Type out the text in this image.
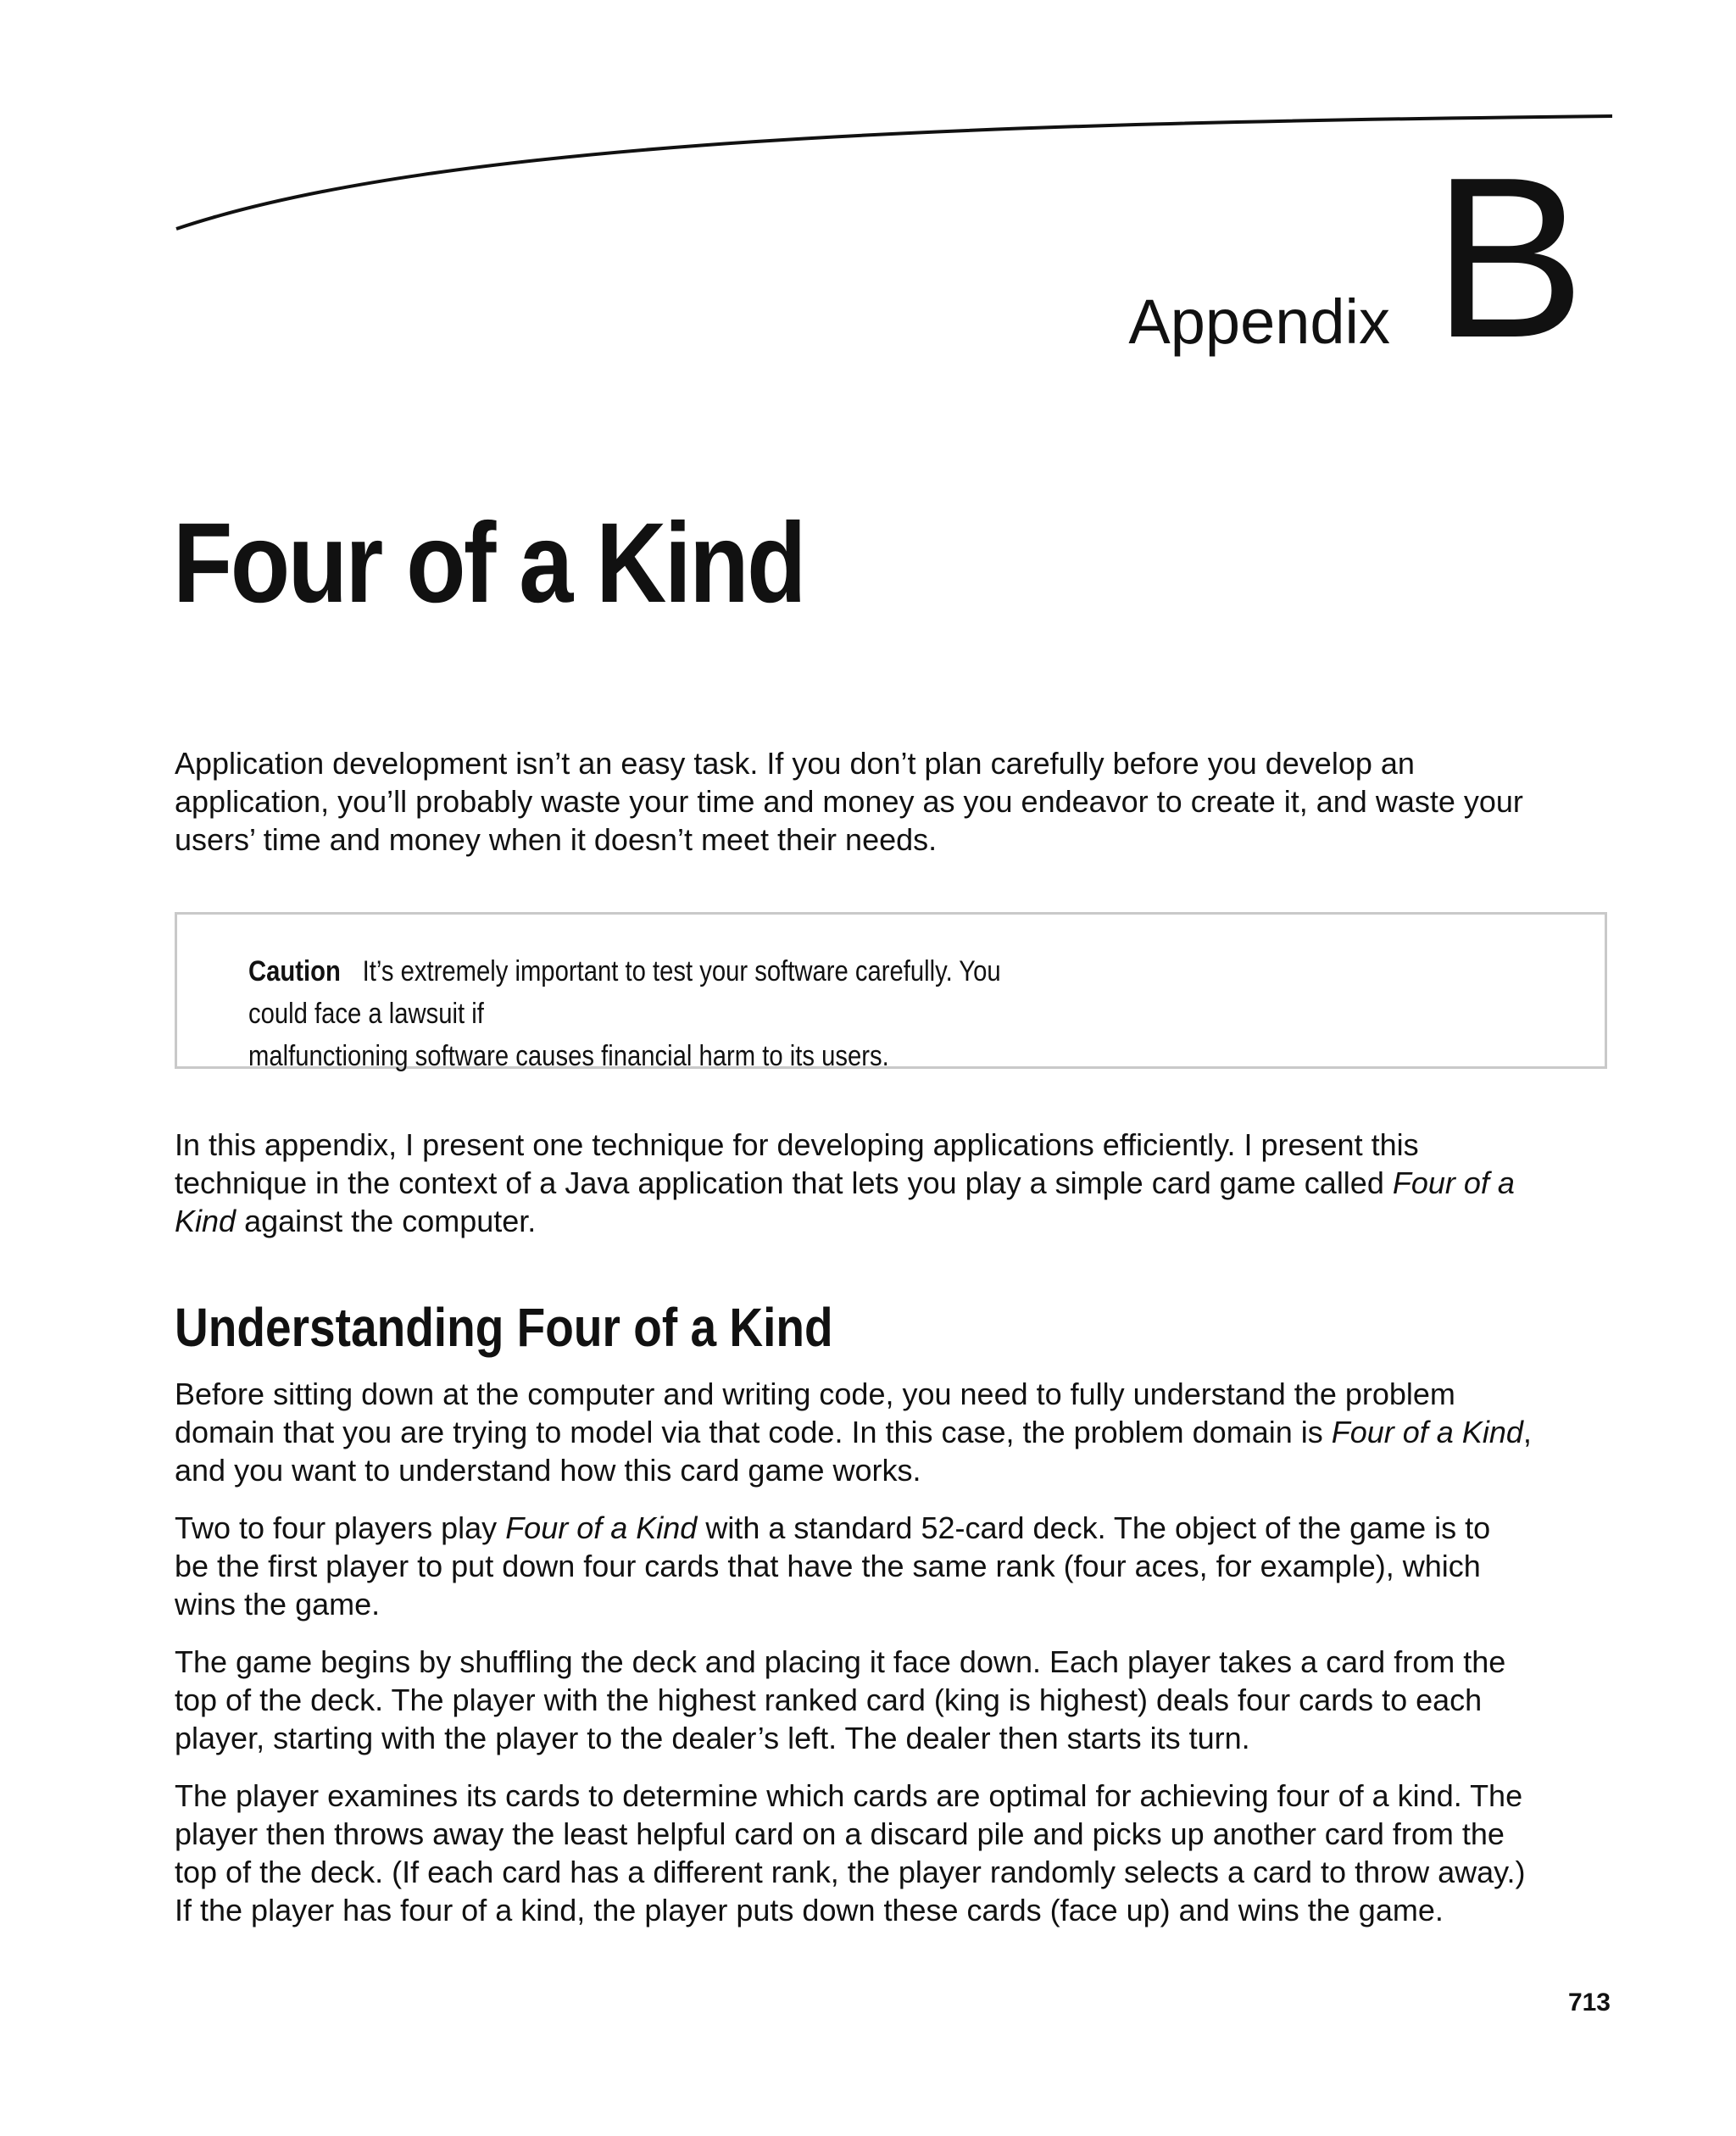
Appendix B
Four of a Kind

Application development isn’t an easy task. If you don’t plan carefully before you develop an
application, you’ll probably waste your time and money as you endeavor to create it, and waste your
users’ time and money when it doesn’t meet their needs.

Caution It’s extremely important to test your software carefully. You could face a lawsuit if
malfunctioning software causes financial harm to its users.

In this appendix, I present one technique for developing applications efficiently. I present this
technique in the context of a Java application that lets you play a simple card game called Four of a
Kind against the computer.

Understanding Four of a Kind

Before sitting down at the computer and writing code, you need to fully understand the problem
domain that you are trying to model via that code. In this case, the problem domain is Four of a Kind,
and you want to understand how this card game works.

Two to four players play Four of a Kind with a standard 52-card deck. The object of the game is to
be the first player to put down four cards that have the same rank (four aces, for example), which
wins the game.

The game begins by shuffling the deck and placing it face down. Each player takes a card from the
top of the deck. The player with the highest ranked card (king is highest) deals four cards to each
player, starting with the player to the dealer’s left. The dealer then starts its turn.

The player examines its cards to determine which cards are optimal for achieving four of a kind. The
player then throws away the least helpful card on a discard pile and picks up another card from the
top of the deck. (If each card has a different rank, the player randomly selects a card to throw away.)
If the player has four of a kind, the player puts down these cards (face up) and wins the game.

713
